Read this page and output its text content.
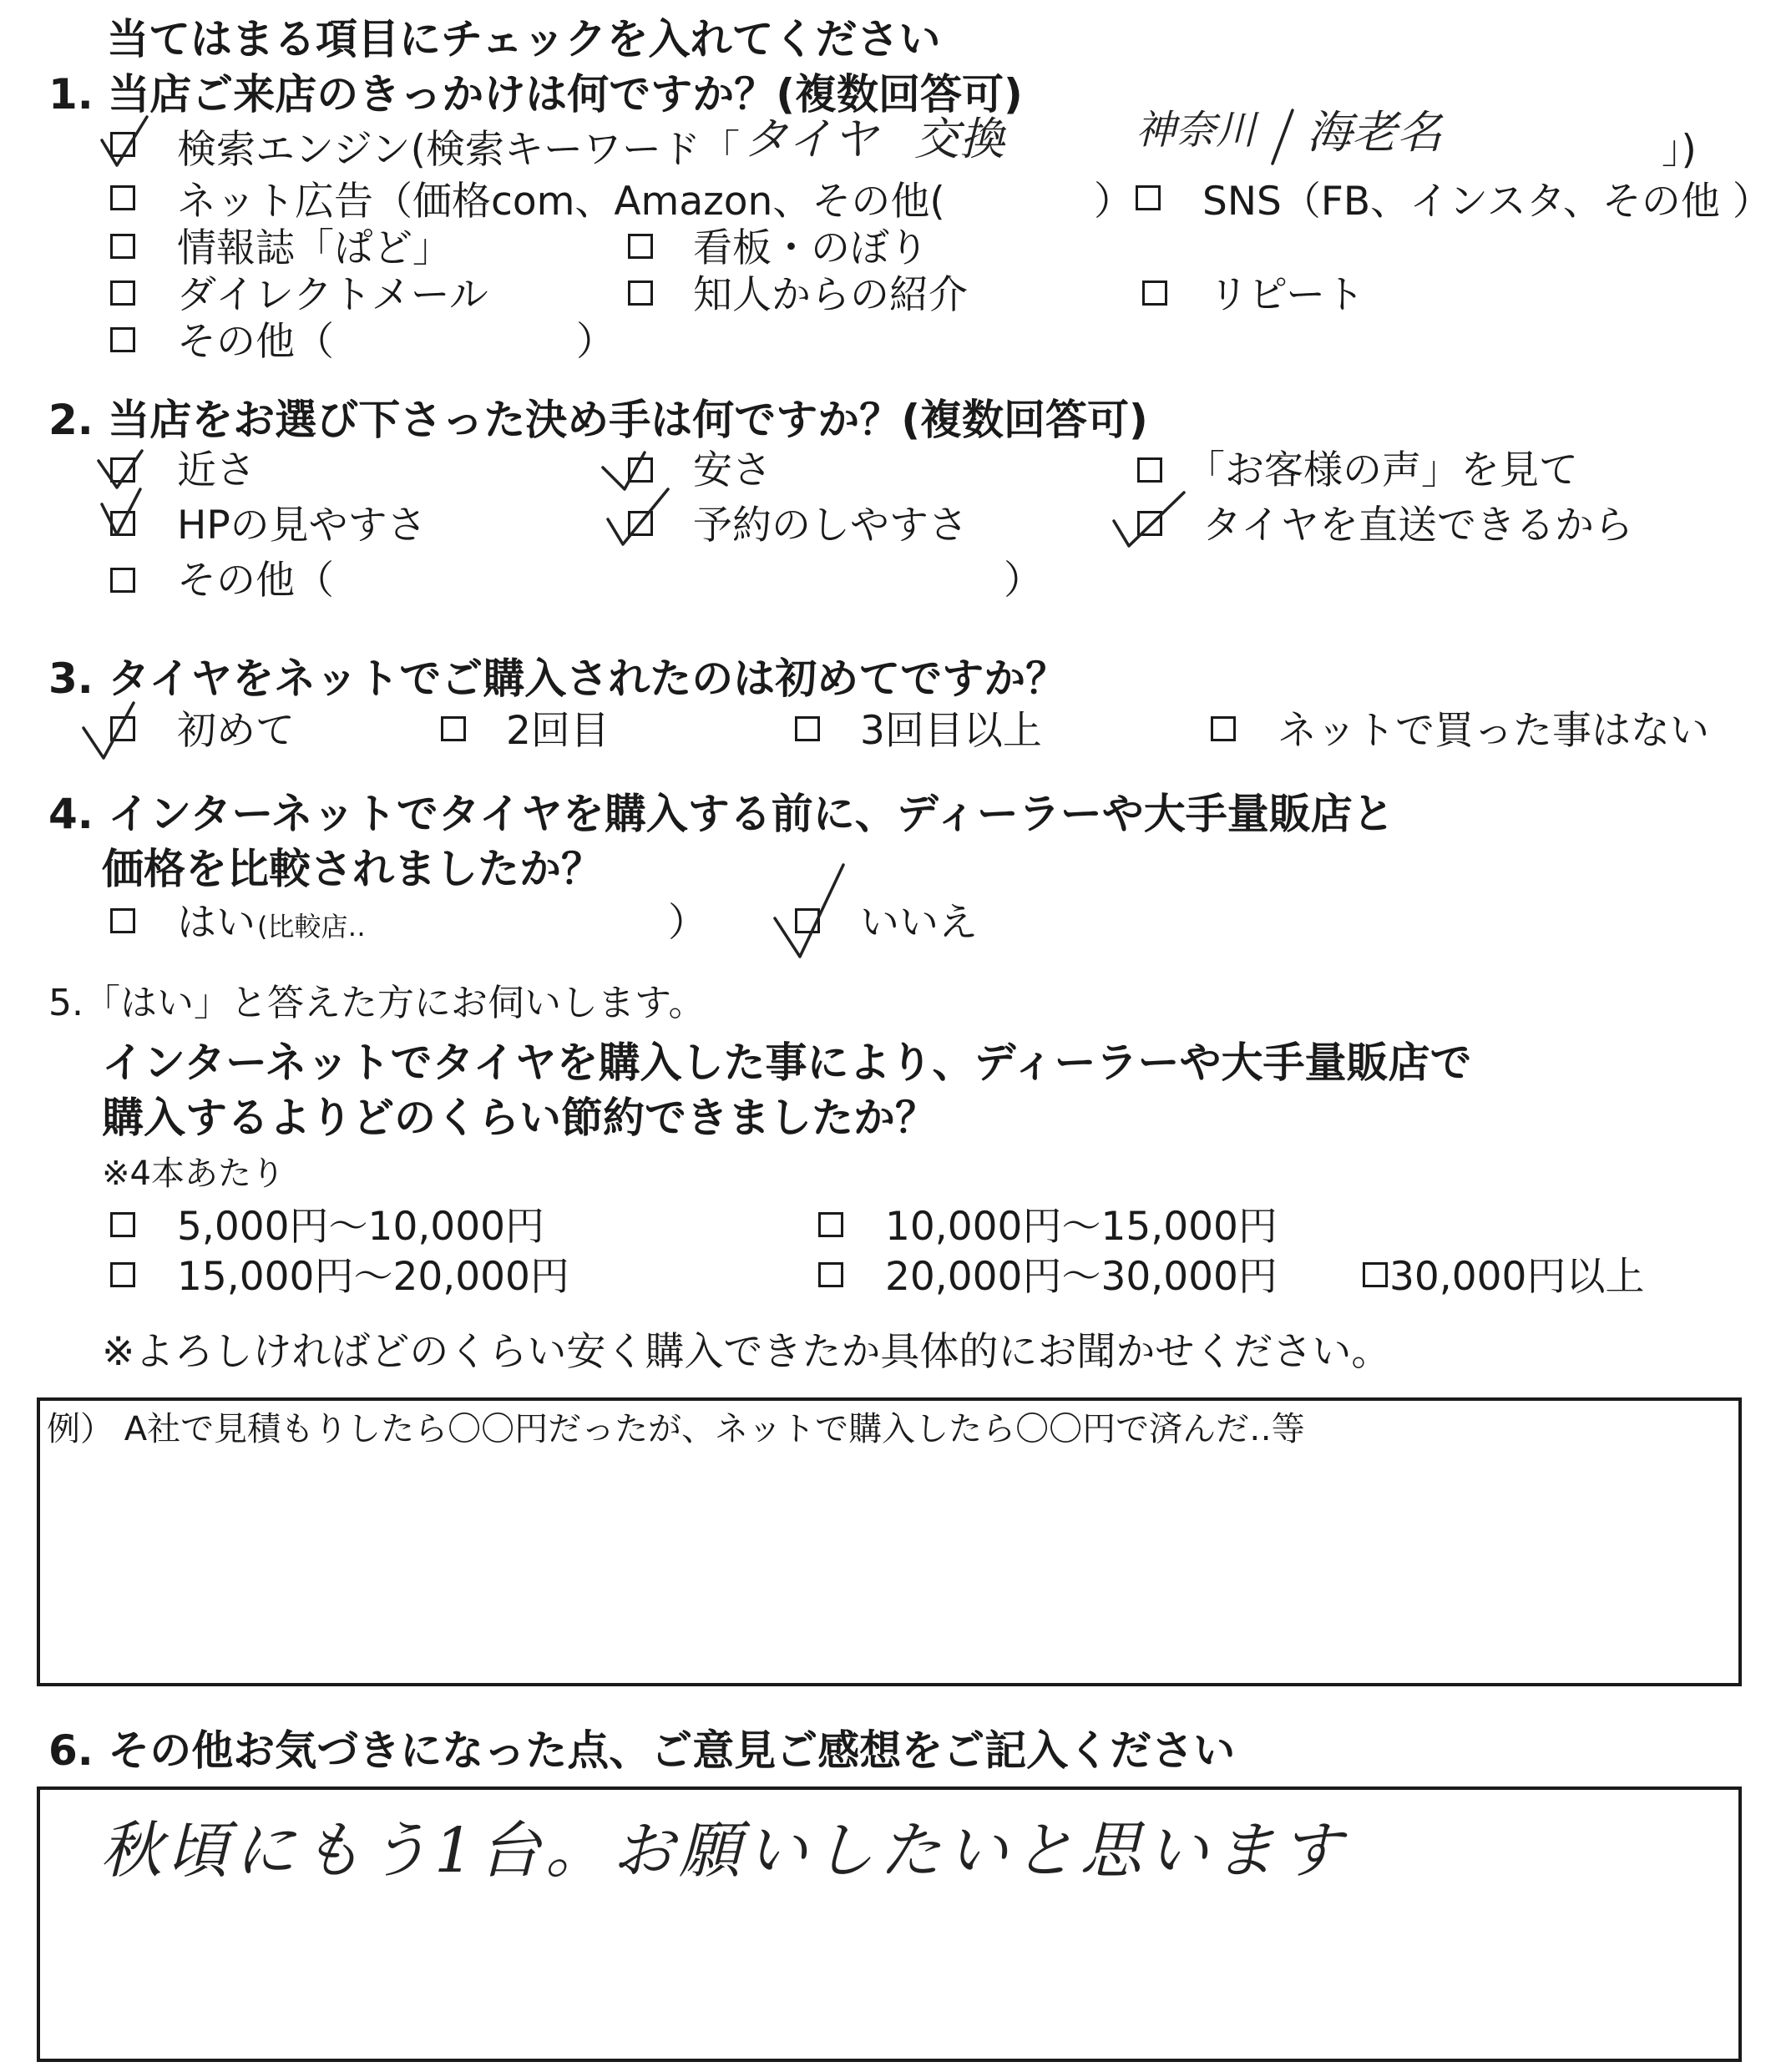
当てはまる項目にチェックを入れてください
1. 当店ご来店のきっかけは何ですか？(複数回答可)
検索エンジン(検索キーワード「 タイヤ 交換	神奈川 海老名	」)
ネット広告（価格com、Amazon、その他(	） SNS（FB、インスタ、その他 ）
情報誌「ぱど」	看板・のぼり
ダイレクトメール	知人からの紹介	リピート
その他（	）
2. 当店をお選び下さった決め手は何ですか？(複数回答可)
近さ	安さ	「お客様の声」を見て
HPの見やすさ	予約のしやすさ	タイヤを直送できるから
その他（	）
3. タイヤをネットでご購入されたのは初めてですか？
初めて	2回目	3回目以上	ネットで買った事はない
4. インターネットでタイヤを購入する前に、ディーラーや大手量販店と
価格を比較されましたか？
はい (比較店‥	）	いいえ
5.「はい」と答えた方にお伺いします。
インターネットでタイヤを購入した事により、ディーラーや大手量販店で
購入するよりどのくらい節約できましたか？
※4本あたり
5,000円〜10,000円	10,000円〜15,000円
15,000円〜20,000円	20,000円〜30,000円	30,000円以上
※よろしければどのくらい安く購入できたか具体的にお聞かせください。
例） A社で見積もりしたら〇〇円だったが、ネットで購入したら〇〇円で済んだ‥等
6. その他お気づきになった点、ご意見ご感想をご記入ください
秋頃にもう1台。お願いしたいと思います
